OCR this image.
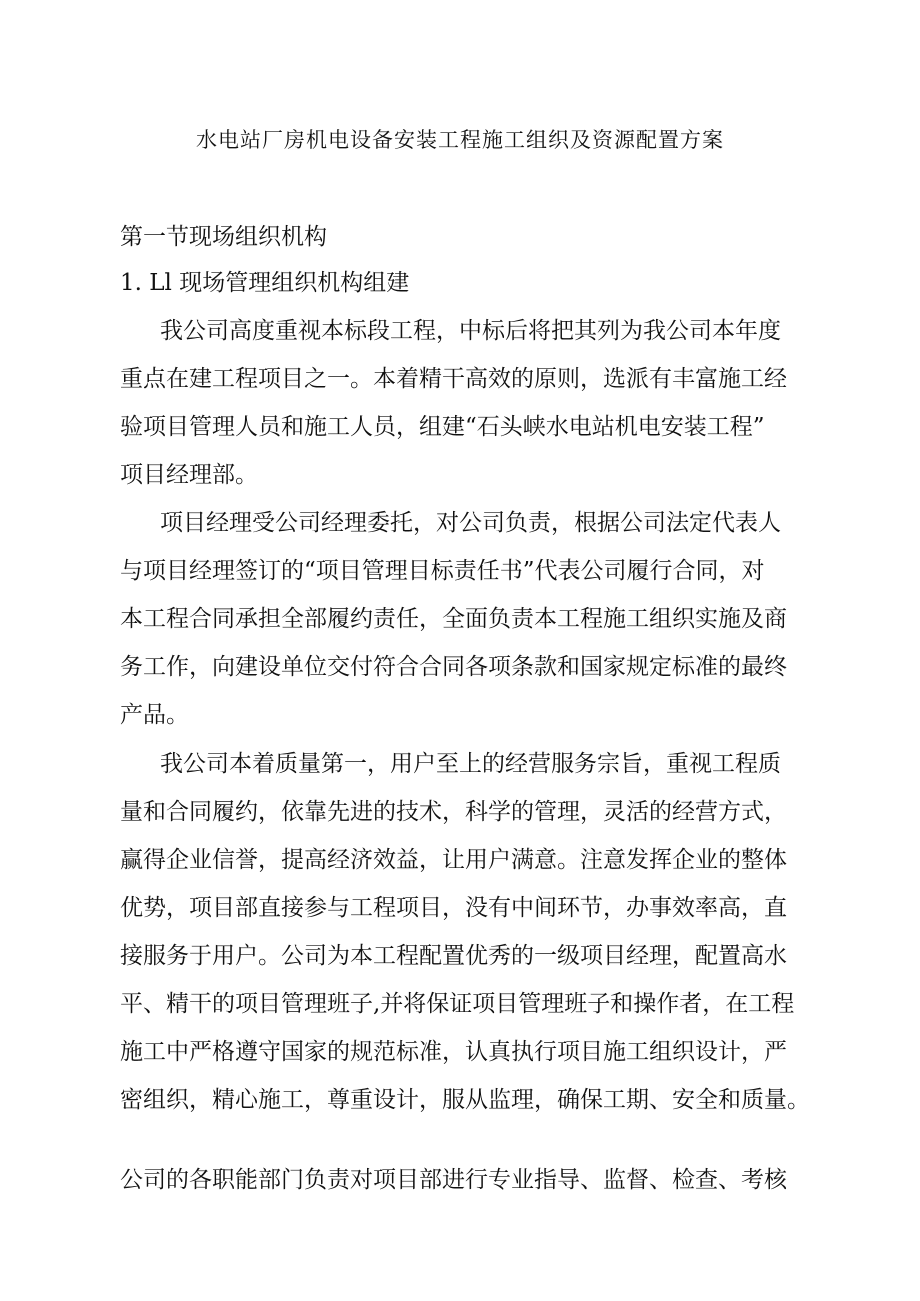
水电站厂房机电设备安装工程施工组织及资源配置方案
第一节现场组织机构
1. Ll 现场管理组织机构组建

我公司高度重视本标段工程，中标后将把其列为我公司本年度
重点在建工程项目之一。本着精干高效的原则，选派有丰富施工经
验项目管理人员和施工人员，组建“石头峡水电站机电安装工程”
项目经理部。

项目经理受公司经理委托，对公司负责，根据公司法定代表人
与项目经理签订的“项目管理目标责任书”代表公司履行合同，对
本工程合同承担全部履约责任，全面负责本工程施工组织实施及商
务工作，向建设单位交付符合合同各项条款和国家规定标准的最终
产品。

我公司本着质量第一，用户至上的经营服务宗旨，重视工程质
量和合同履约，依靠先进的技术，科学的管理，灵活的经营方式，
赢得企业信誉，提高经济效益，让用户满意。注意发挥企业的整体
优势，项目部直接参与工程项目，没有中间环节，办事效率高，直
接服务于用户。公司为本工程配置优秀的一级项目经理，配置高水
平、精干的项目管理班子,并将保证项目管理班子和操作者，在工程
施工中严格遵守国家的规范标准，认真执行项目施工组织设计，严
密组织，精心施工，尊重设计，服从监理，确保工期、安全和质量。

公司的各职能部门负责对项目部进行专业指导、监督、检查、考核
